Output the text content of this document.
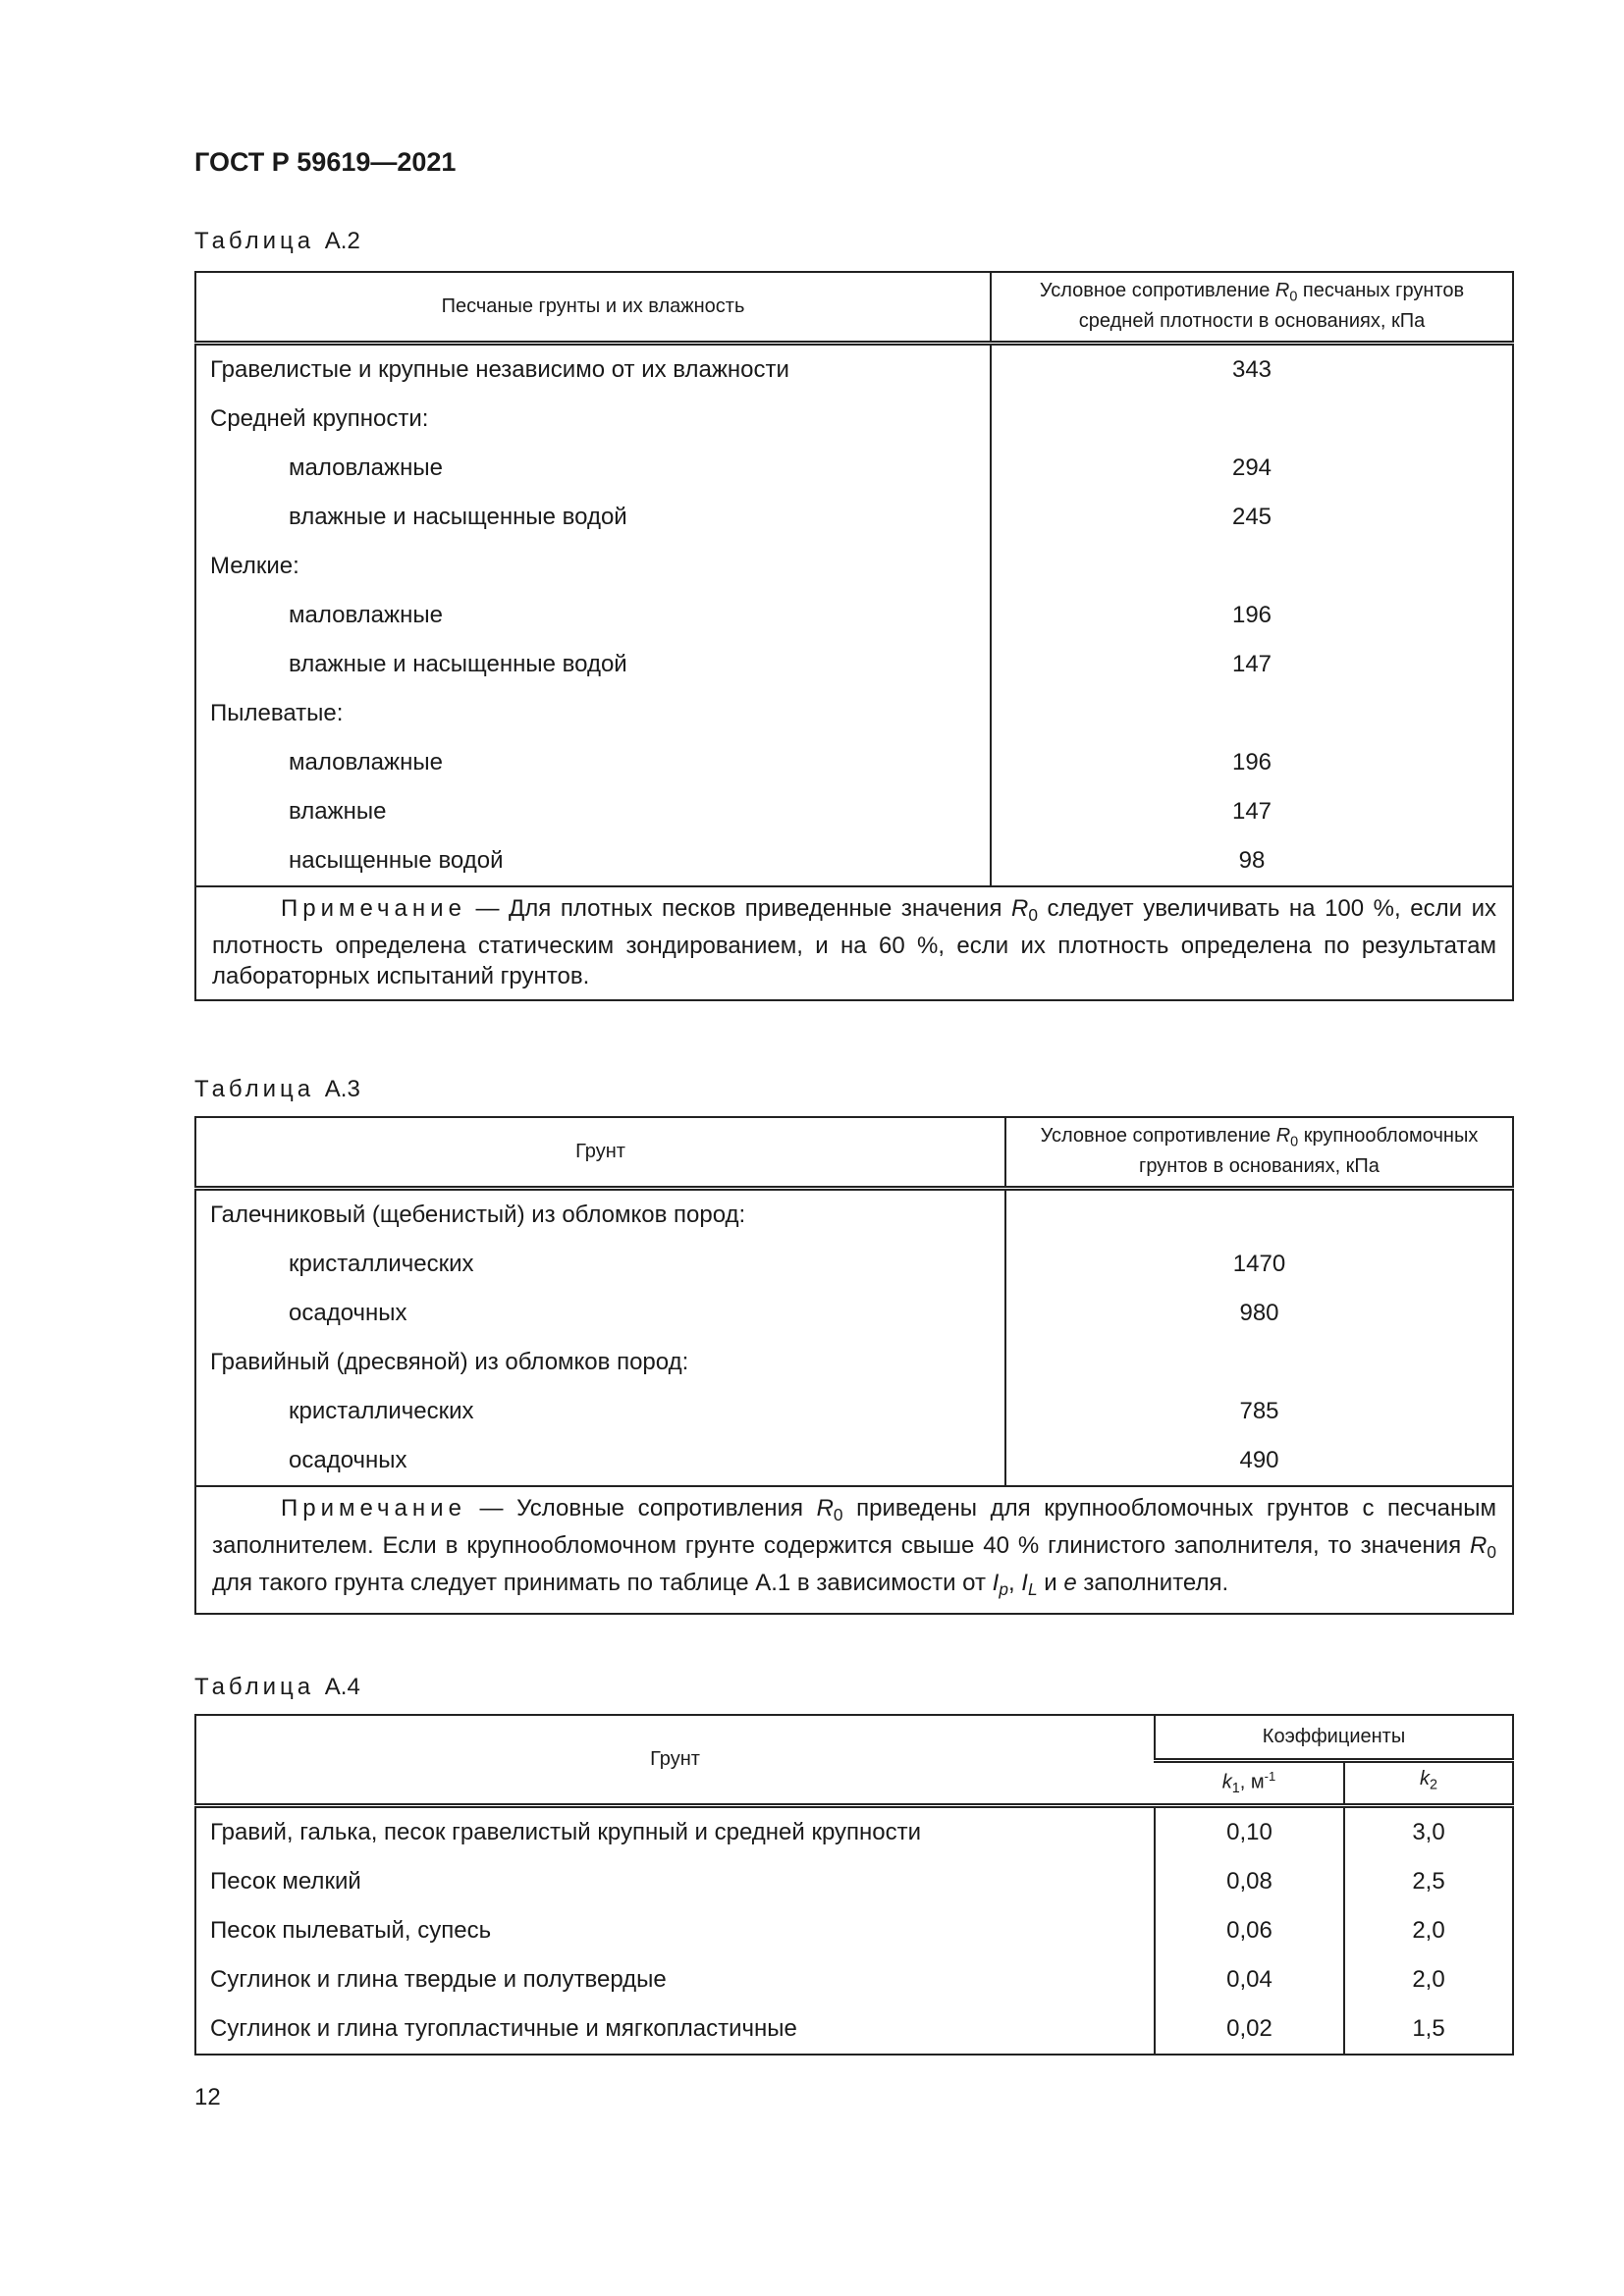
ГОСТ Р 59619—2021
Таблица А.2
Песчаные грунты и их влажность	Условное сопротивление $R_0$ песчаных грунтов средней плотности в основаниях, кПа
Гравелистые и крупные независимо от их влажности	343
Средней крупности:	
маловлажные	294
влажные и насыщенные водой	245
Мелкие:	
маловлажные	196
влажные и насыщенные водой	147
Пылеватые:	
маловлажные	196
влажные	147
насыщенные водой	98
Примечание — Для плотных песков приведенные значения $R_0$ следует увеличивать на 100 %, если их плотность определена статическим зондированием, и на 60 %, если их плотность определена по результатам лабораторных испытаний грунтов.	
Таблица А.3
Грунт	Условное сопротивление $R_0$ крупнообломочных грунтов в основаниях, кПа
Галечниковый (щебенистый) из обломков пород:	
кристаллических	1470
осадочных	980
Гравийный (дресвяной) из обломков пород:	
кристаллических	785
осадочных	490
Примечание — Условные сопротивления $R_0$ приведены для крупнообломочных грунтов с песчаным заполнителем. Если в крупнообломочном грунте содержится свыше 40 % глинистого заполнителя, то значения $R_0$ для такого грунта следует принимать по таблице А.1 в зависимости от $I_p$, $I_L$ и e заполнителя.	
Таблица А.4
Грунт	Коэффициенты	
	$k_1$, $м^{-1}$	$k_2$
Гравий, галька, песок гравелистый крупный и средней крупности	0,10	3,0
Песок мелкий	0,08	2,5
Песок пылеватый, супесь	0,06	2,0
Суглинок и глина твердые и полутвердые	0,04	2,0
Суглинок и глина тугопластичные и мягкопластичные	0,02	1,5
12
